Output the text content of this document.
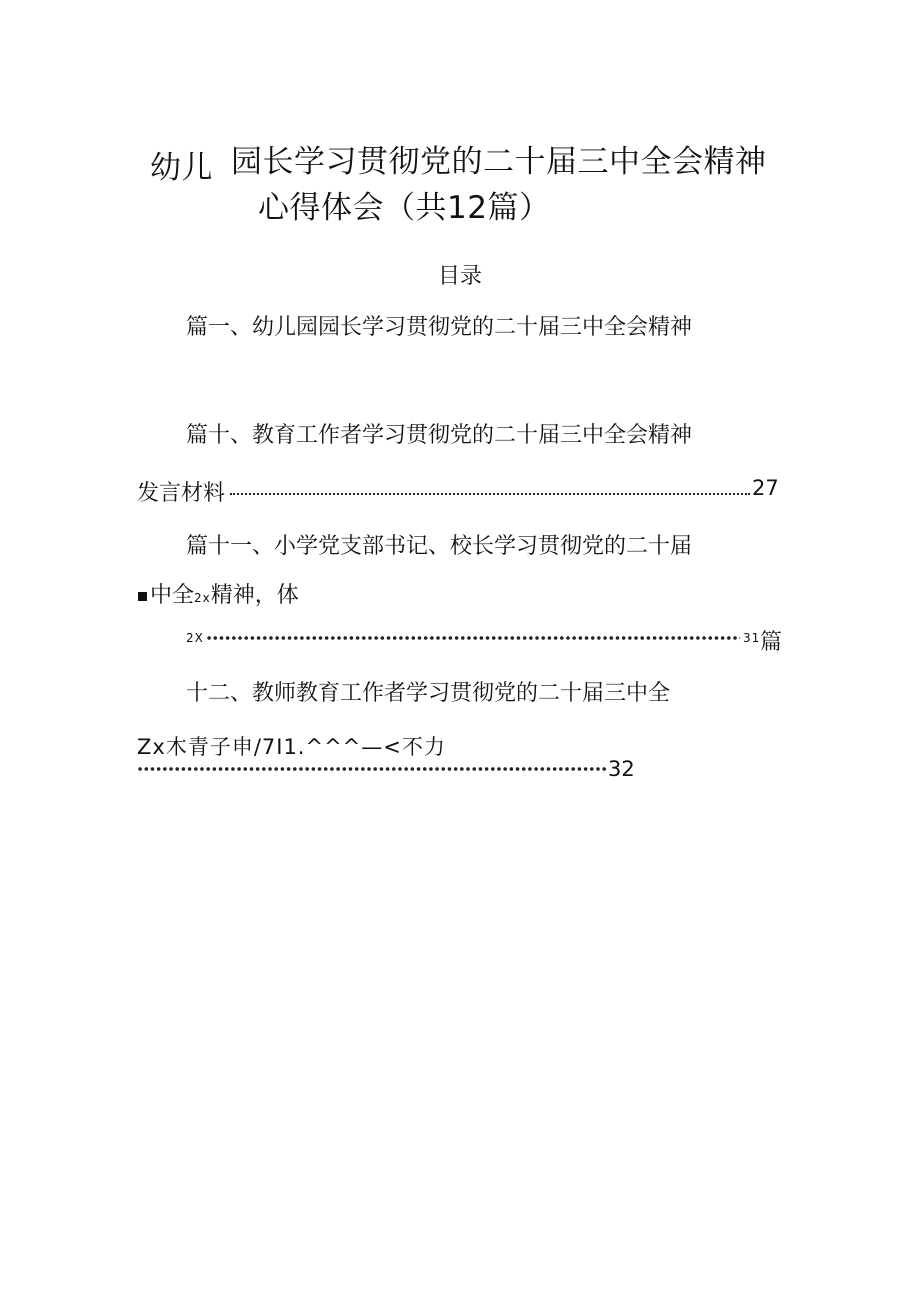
幼儿 园长学习贯彻党的二十届三中全会精神
心得体会（共12篇）
目录
篇一、幼儿园园长学习贯彻党的二十届三中全会精神
篇十、教育工作者学习贯彻党的二十届三中全会精神
发言材料	27
篇十一、小学党支部书记、校长学习贯彻党的二十届
中全2x精神，体
2X	31 篇
十二、教师教育工作者学习贯彻党的二十届三中全
Zx木青子申/7I1.^^^—<不力
32
